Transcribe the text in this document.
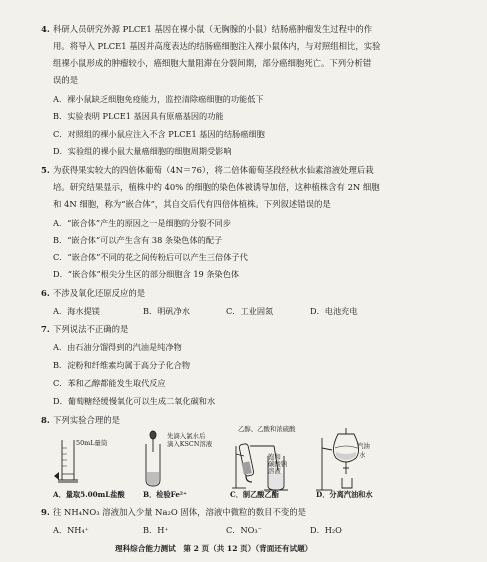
4. 科研人员研究外源 PLCE1 基因在裸小鼠（无胸腺的小鼠）结肠癌肿瘤发生过程中的作
用。将导入 PLCE1 基因并高度表达的结肠癌细胞注入裸小鼠体内，与对照组相比，实验
组裸小鼠形成的肿瘤较小，癌细胞大量阻滞在分裂间期，部分癌细胞死亡。下列分析错
误的是
A．裸小鼠缺乏细胞免疫能力，监控清除癌细胞的功能低下
B．实验表明 PLCE1 基因具有原癌基因的功能
C．对照组的裸小鼠应注入不含 PLCE1 基因的结肠癌细胞
D．实验组的裸小鼠大量癌细胞的细胞周期受影响
5. 为获得果实较大的四倍体葡萄（4N＝76），将二倍体葡萄茎段经秋水仙素溶液处理后栽
培。研究结果显示，植株中约 40% 的细胞的染色体被诱导加倍，这种植株含有 2N 细胞
和 4N 细胞，称为“嵌合体”，其自交后代有四倍体植株。下列叙述错误的是
A．“嵌合体”产生的原因之一是细胞的分裂不同步
B．“嵌合体”可以产生含有 38 条染色体的配子
C．“嵌合体”不同的花之间传粉后可以产生三倍体子代
D．“嵌合体”根尖分生区的部分细胞含 19 条染色体
6. 不涉及氧化还原反应的是
A．海水提镁	B．明矾净水	C．工业固氮	D．电池充电
7. 下列说法不正确的是
A．由石油分馏得到的汽油是纯净物
B．淀粉和纤维素均属于高分子化合物
C．苯和乙醇都能发生取代反应
D．葡萄糖经缓慢氧化可以生成二氧化碳和水
8. 下列实验合理的是
50mL量筒
先滴入氯水后
滴入KSCN溶液
乙醇、乙酸和浓硫酸
饱和
碳酸钠
溶液
汽油
水
A．量取5.00mL盐酸	B．检验Fe²⁺	C．制乙酸乙酯	D．分离汽油和水
9. 往 NH₄NO₃ 溶液加入少量 Na₂O 固体，溶液中微粒的数目不变的是
A．NH₄⁺	B．H⁺	C．NO₃⁻	D．H₂O
理科综合能力测试　第 2 页（共 12 页）（背面还有试题）
